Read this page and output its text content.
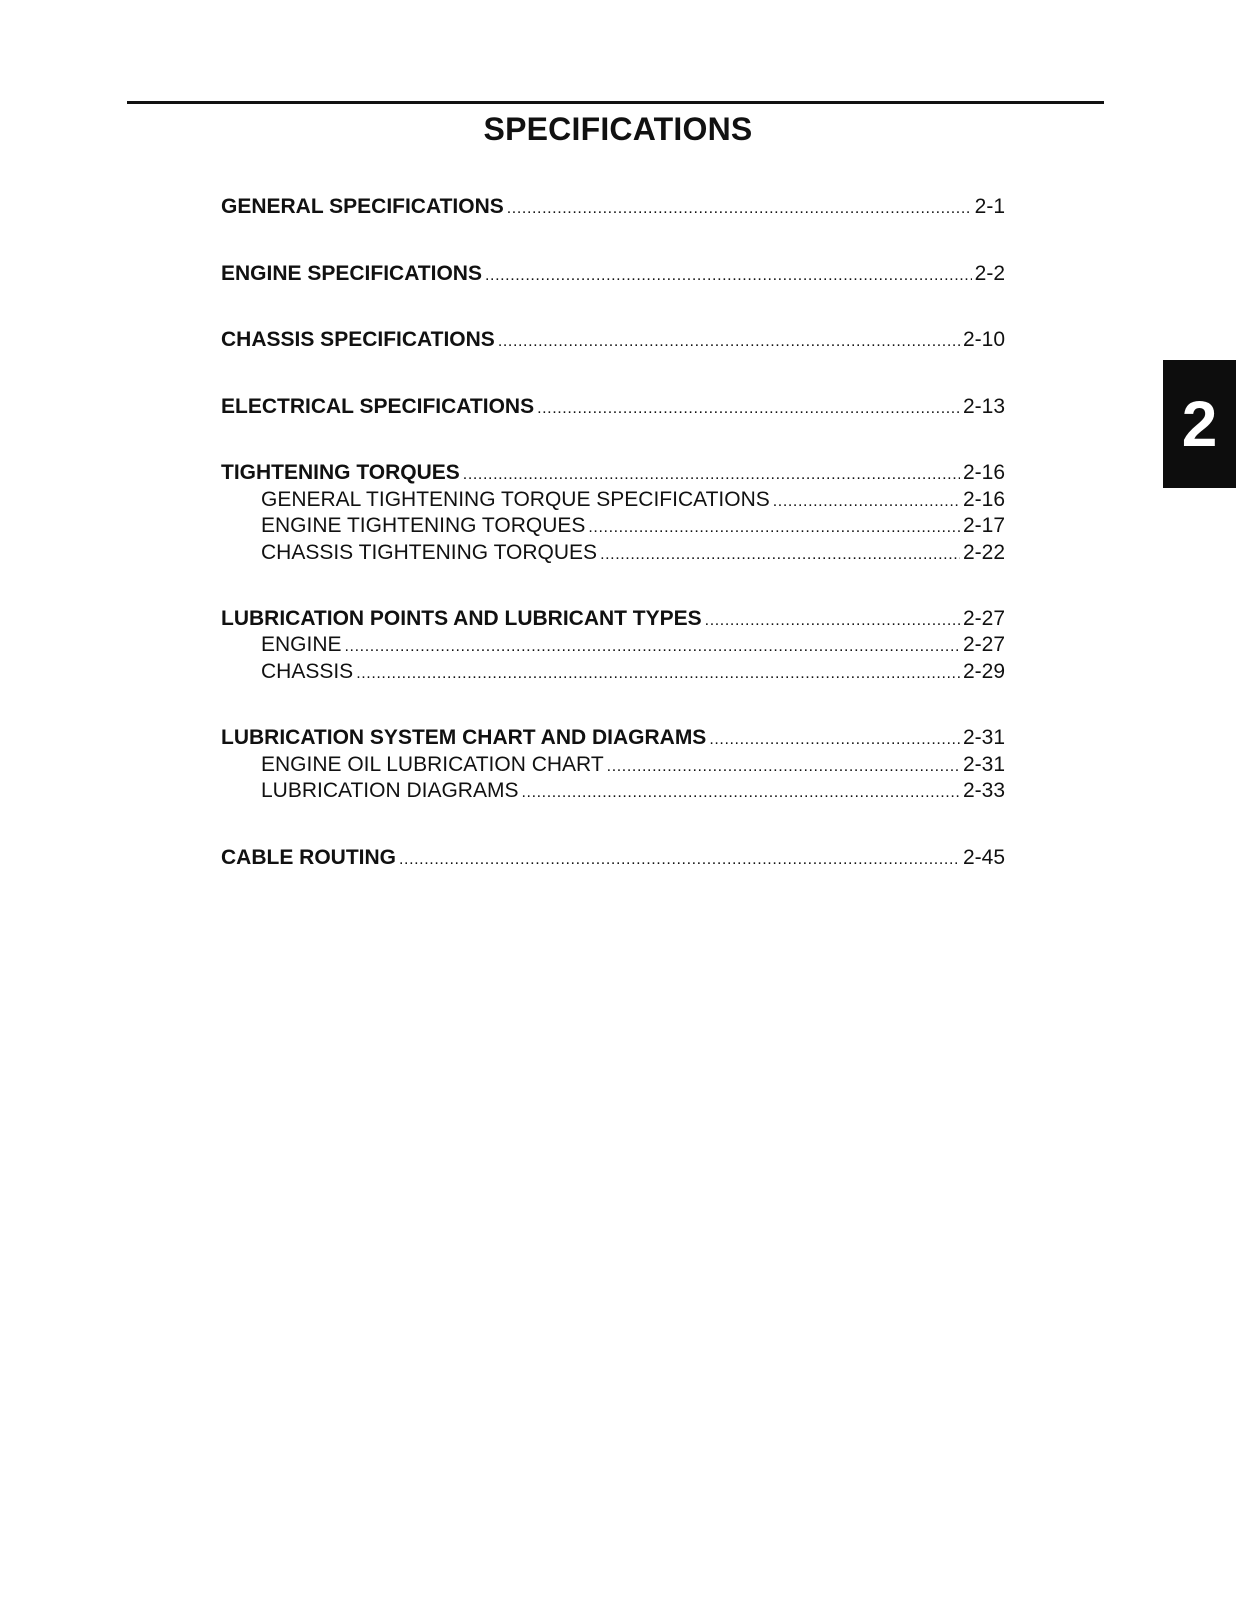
SPECIFICATIONS
2
GENERAL SPECIFICATIONS .....	2-1
ENGINE SPECIFICATIONS .....	2-2
CHASSIS SPECIFICATIONS .....	2-10
ELECTRICAL SPECIFICATIONS .....	2-13
TIGHTENING TORQUES .....	2-16
GENERAL TIGHTENING TORQUE SPECIFICATIONS .....	2-16
ENGINE TIGHTENING TORQUES .....	2-17
CHASSIS TIGHTENING TORQUES .....	2-22
LUBRICATION POINTS AND LUBRICANT TYPES .....	2-27
ENGINE .....	2-27
CHASSIS .....	2-29
LUBRICATION SYSTEM CHART AND DIAGRAMS .....	2-31
ENGINE OIL LUBRICATION CHART .....	2-31
LUBRICATION DIAGRAMS .....	2-33
CABLE ROUTING .....	2-45
